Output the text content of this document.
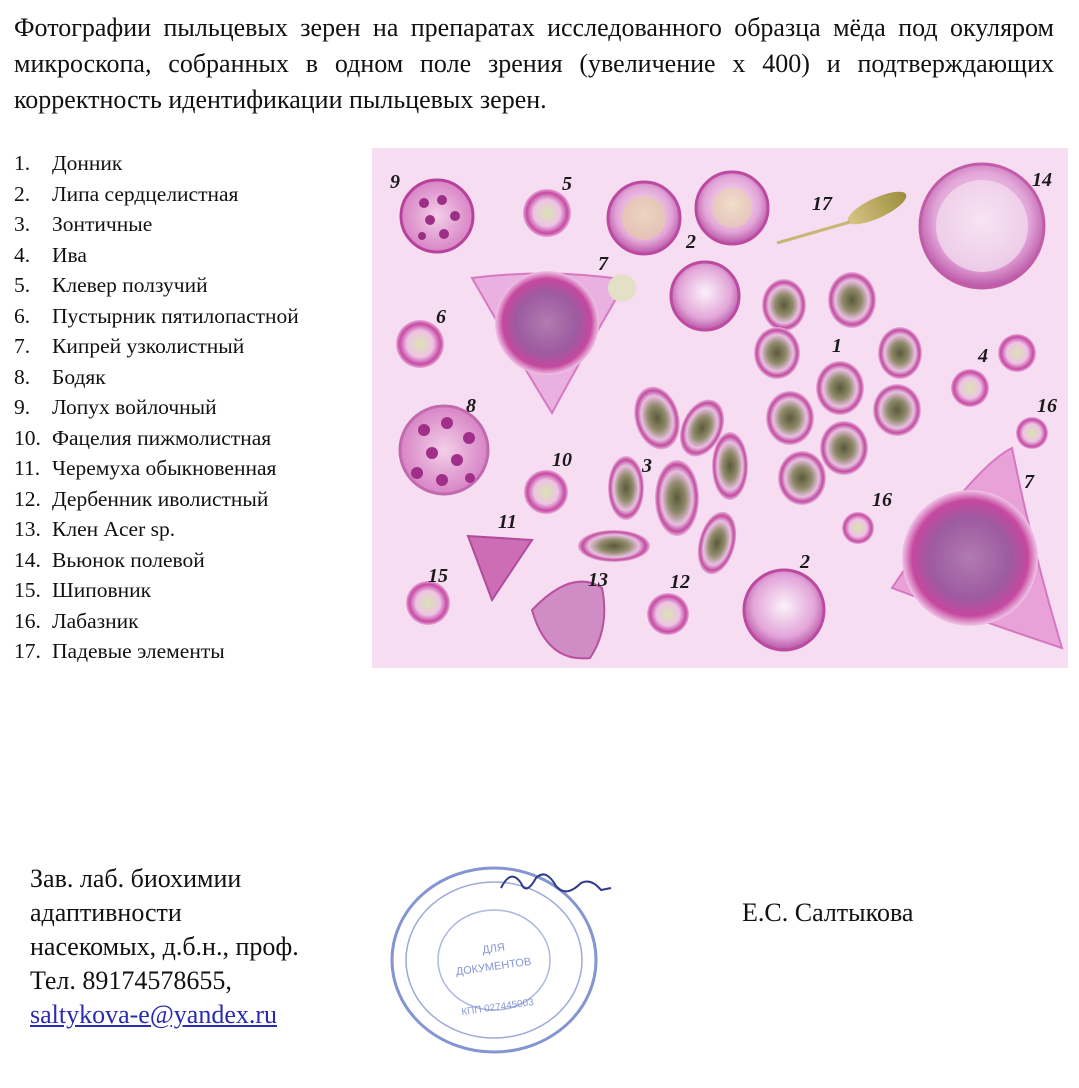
Фотографии пыльцевых зерен на препаратах исследованного образца мёда под окуляром микроскопа, собранных в одном поле зрения (увеличение х 400) и подтверждающих корректность идентификации пыльцевых зерен.

1.	Донник
2.	Липа сердцелистная
3.	Зонтичные
4.	Ива
5.	Клевер ползучий
6.	Пустырник пятилопастной
7.	Кипрей узколистный
8.	Бодяк
9.	Лопух войлочный
10. Фацелия пижмолистная
11. Черемуха обыкновенная
12. Дербенник иволистный
13. Клен Acer sp.
14. Вьюнок полевой
15. Шиповник
16. Лабазник
17. Падевые элементы
9	5
2
17
14
7
6
1	4
16
8
3
10
11
15	13	12
2
16
7
Зав. лаб. биохимии
адаптивности
насекомых, д.б.н., проф.
Тел. 89174578655,
saltykova-e@yandex.ru
ДЛЯ
ДОКУМЕНТОВ
КПП 027445003
Е.С. Салтыкова
